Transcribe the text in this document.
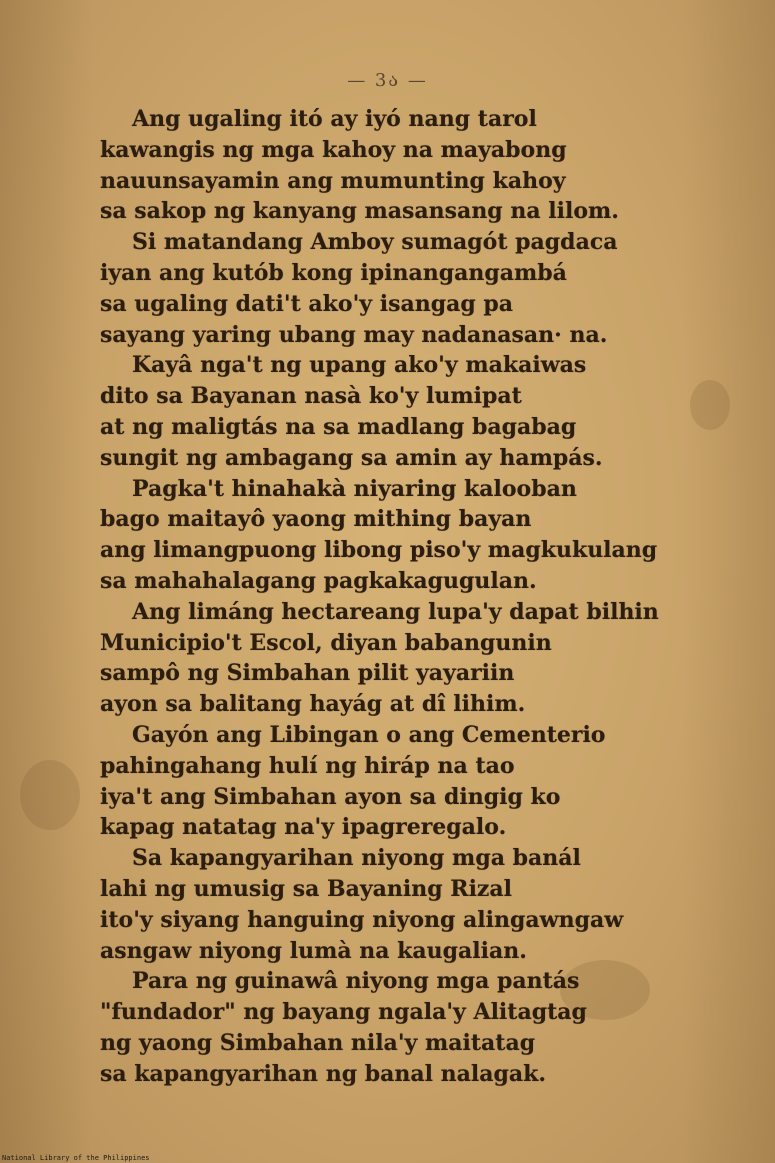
— 3ა —
Ang ugaling itó ay iyó nang tarol
kawangis ng mga kahoy na mayabong
nauunsayamin ang mumunting kahoy
sa sakop ng kanyang masansang na lilom.
Si matandang Amboy sumagót pagdaca
iyan ang kutób kong ipinangangambá
sa ugaling dati't ako'y isangag pa
sayang yaring ubang may nadanasan· na.
Kayâ nga't ng upang ako'y makaiwas
dito sa Bayanan nasà ko'y lumipat
at ng maligtás na sa madlang bagabag
sungit ng ambagang sa amin ay hampás.
Pagka't hinahakà niyaring kalooban
bago maitayô yaong mithing bayan
ang limangpuong libong piso'y magkukulang
sa mahahalagang pagkakagugulan.
Ang limáng hectareang lupa'y dapat bilhin
Municipio't Escol, diyan babangunin
sampô ng Simbahan pilit yayariin
ayon sa balitang hayág at dî lihim.
Gayón ang Libingan o ang Cementerio
pahingahang hulí ng hiráp na tao
iya't ang Simbahan ayon sa dingig ko
kapag natatag na'y ipagreregalo.
Sa kapangyarihan niyong mga banál
lahi ng umusig sa Bayaning Rizal
ito'y siyang hanguing niyong alingawngaw
asngaw niyong lumà na kaugalian.
Para ng guinawâ niyong mga pantás
"fundador" ng bayang ngala'y Alitagtag
ng yaong Simbahan nila'y maitatag
sa kapangyarihan ng banal nalagak.
National Library of the Philippines
